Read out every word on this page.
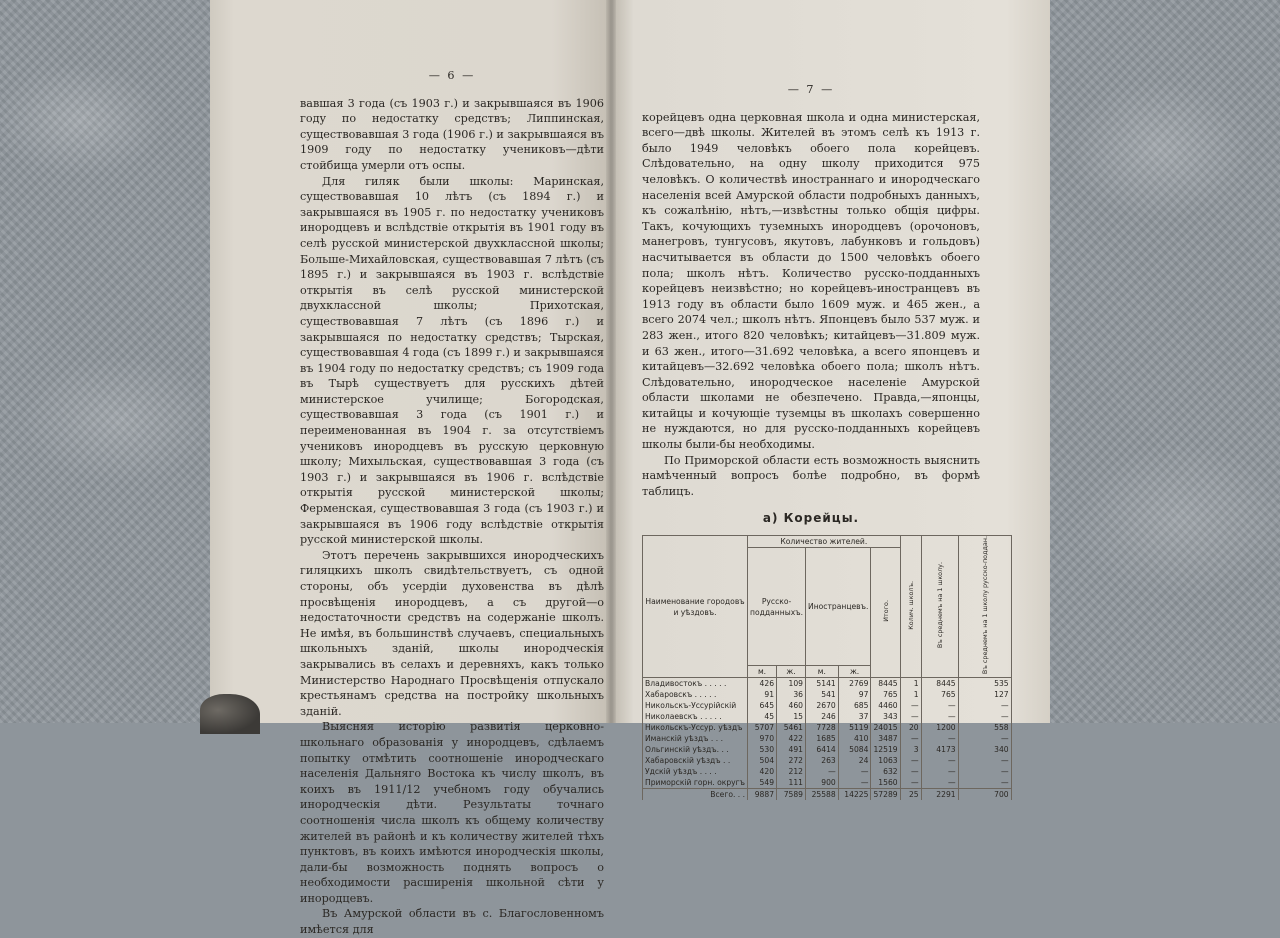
— 6 —

вавшая 3 года (съ 1903 г.) и закрывшаяся въ 1906 году по недостатку средствъ; Липпинская, существовавшая 3 года (1906 г.) и закрывшаяся въ 1909 году по недостатку учениковъ—дѣти стойбища умерли отъ оспы.

Для гиляк были школы: Маринская, существовавшая 10 лѣтъ (съ 1894 г.) и закрывшаяся въ 1905 г. по недостатку учениковъ инородцевъ и вслѣдствіе открытія въ 1901 году въ селѣ русской министерской двухклассной школы; Больше-Михайловская, существовавшая 7 лѣтъ (съ 1895 г.) и закрывшаяся въ 1903 г. вслѣдствіе открытія въ селѣ русской министерской двухклассной школы; Прихотская, существовавшая 7 лѣтъ (съ 1896 г.) и закрывшаяся по недостатку средствъ; Тырская, существовавшая 4 года (съ 1899 г.) и закрывшаяся въ 1904 году по недостатку средствъ; съ 1909 года въ Тырѣ существуетъ для русскихъ дѣтей министерское училище; Богородская, существовавшая 3 года (съ 1901 г.) и переименованная въ 1904 г. за отсутствіемъ учениковъ инородцевъ въ русскую церковную школу; Михыльская, существовавшая 3 года (съ 1903 г.) и закрывшаяся въ 1906 г. вслѣдствіе открытія русской министерской школы; Ферменская, существовавшая 3 года (съ 1903 г.) и закрывшаяся въ 1906 году вслѣдствіе открытія русской министерской школы.

Этотъ перечень закрывшихся инородческихъ гиляцкихъ школъ свидѣтельствуетъ, съ одной стороны, объ усердіи духовенства въ дѣлѣ просвѣщенія инородцевъ, а съ другой—о недостаточности средствъ на содержаніе школъ. Не имѣя, въ большинствѣ случаевъ, специальныхъ школьныхъ зданій, школы инородческія закрывались въ селахъ и деревняхъ, какъ только Министерство Народнаго Просвѣщенія отпускало крестьянамъ средства на постройку школьныхъ зданій.

Выясняя исторію развитія церковно-школьнаго образованія у инородцевъ, сдѣлаемъ попытку отмѣтить соотношеніе инородческаго населенія Дальняго Востока къ числу школъ, въ коихъ въ 1911/12 учебномъ году обучались инородческія дѣти. Результаты точнаго соотношенія числа школъ къ общему количеству жителей въ районѣ и къ количеству жителей тѣхъ пунктовъ, въ коихъ имѣются инородческія школы, дали-бы возможность поднять вопросъ о необходимости расширенія школьной сѣти у инородцевъ.

Въ Амурской области въ с. Благословенномъ имѣется для

— 7 —

корейцевъ одна церковная школа и одна министерская, всего—двѣ школы. Жителей въ этомъ селѣ къ 1913 г. было 1949 человѣкъ обоего пола корейцевъ. Слѣдовательно, на одну школу приходится 975 человѣкъ. О количествѣ иностраннаго и инородческаго населенія всей Амурской области подробныхъ данныхъ, къ сожалѣнію, нѣтъ,—извѣстны только общія цифры. Такъ, кочующихъ туземныхъ инородцевъ (орочоновъ, манегровъ, тунгусовъ, якутовъ, лабунковъ и гольдовъ) насчитывается въ области до 1500 человѣкъ обоего пола; школъ нѣтъ. Количество русско-подданныхъ корейцевъ неизвѣстно; но корейцевъ-иностранцевъ въ 1913 году въ области было 1609 муж. и 465 жен., а всего 2074 чел.; школъ нѣтъ. Японцевъ было 537 муж. и 283 жен., итого 820 человѣкъ; китайцевъ—31.809 муж. и 63 жен., итого—31.692 человѣка, а всего японцевъ и китайцевъ—32.692 человѣка обоего пола; школъ нѣтъ. Слѣдовательно, инородческое населеніе Амурской области школами не обезпечено. Правда,—японцы, китайцы и кочующіе туземцы въ школахъ совершенно не нуждаются, но для русско-подданныхъ корейцевъ школы были-бы необходимы.

По Приморской области есть возможность выяснить намѣченный вопросъ болѣе подробно, въ формѣ таблицъ.

а) Корейцы.
Наименование городовъ и уѣздовъ.	Количество жителей.					Колич. школъ.	Въ среднемъ на 1 школу.	Въ среднемъ на 1 школу русско-поддан.
	Русско-подданныхъ.		Иностранцевъ.		Итого.			
	м.	ж.	м.	ж.				
Владивостокъ . . . . .	426	109	5141	2769	8445	1	8445	535
Хабаровскъ . . . . .	91	36	541	97	765	1	765	127
Никольскъ-Уссурійскій	645	460	2670	685	4460	—	—	—
Николаевскъ . . . . .	45	15	246	37	343	—	—	—
Никольскъ-Уссур. уѣздъ	5707	5461	7728	5119	24015	20	1200	558
Иманскій уѣздъ . . .	970	422	1685	410	3487	—	—	—
Ольгинскій уѣздъ. . .	530	491	6414	5084	12519	3	4173	340
Хабаровскій уѣздъ . .	504	272	263	24	1063	—	—	—
Удскій уѣздъ . . . .	420	212	—	—	632	—	—	—
Приморскій горн. округъ	549	111	900	—	1560	—	—	—
Всего. . .	9887	7589	25588	14225	57289	25	2291	700
